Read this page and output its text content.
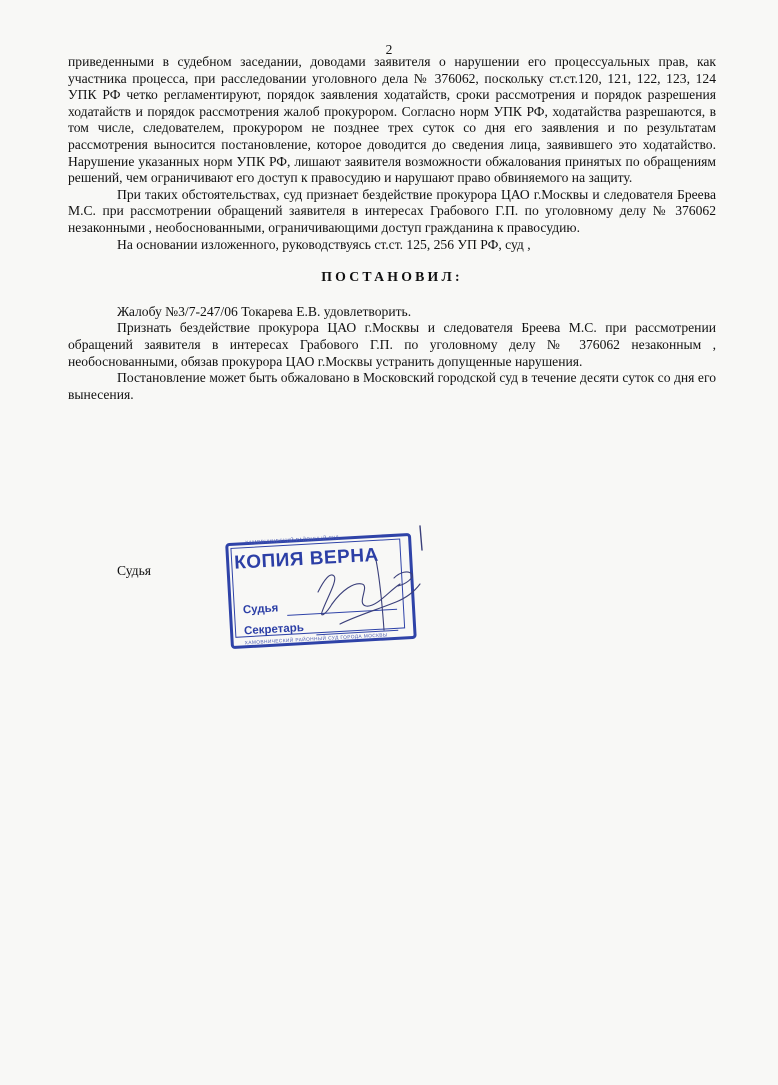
2

приведенными в судебном заседании, доводами заявителя о нарушении его процессуальных прав, как участника процесса, при расследовании уголовного дела № 376062, поскольку ст.ст.120, 121, 122, 123, 124 УПК РФ четко регламентируют, порядок заявления ходатайств, сроки рассмотрения и порядок разрешения ходатайств и порядок рассмотрения жалоб прокурором. Согласно норм УПК РФ, ходатайства разрешаются, в том числе, следователем, прокурором не позднее трех суток со дня его заявления и по результатам рассмотрения выносится постановление, которое доводится до сведения лица, заявившего это ходатайство. Нарушение указанных норм УПК РФ, лишают заявителя возможности обжалования принятых по обращениям решений, чем ограничивают его доступ к правосудию и нарушают право обвиняемого на защиту.

При таких обстоятельствах, суд признает бездействие прокурора ЦАО г.Москвы и следователя Бреева М.С. при рассмотрении обращений заявителя в интересах Грабового Г.П. по уголовному делу № 376062 незаконными , необоснованными, ограничивающими доступ гражданина к правосудию.

На основании изложенного, руководствуясь ст.ст. 125, 256 УП РФ, суд ,

ПОСТАНОВИЛ:

Жалобу №3/7-247/06 Токарева Е.В. удовлетворить.

Признать бездействие прокурора ЦАО г.Москвы и следователя Бреева М.С. при рассмотрении обращений заявителя в интересах Грабового Г.П. по уголовному делу № 376062 незаконным , необоснованными, обязав прокурора ЦАО г.Москвы устранить допущенные нарушения.

Постановление может быть обжаловано в Московский городской суд в течение десяти суток со дня его вынесения.

Судья
ХАМОВНИЧЕСКИЙ РАЙОННЫЙ СУД
КОПИЯ ВЕРНА
Судья
Секретарь
ХАМОВНИЧЕСКИЙ РАЙОННЫЙ СУД ГОРОДА МОСКВЫ
